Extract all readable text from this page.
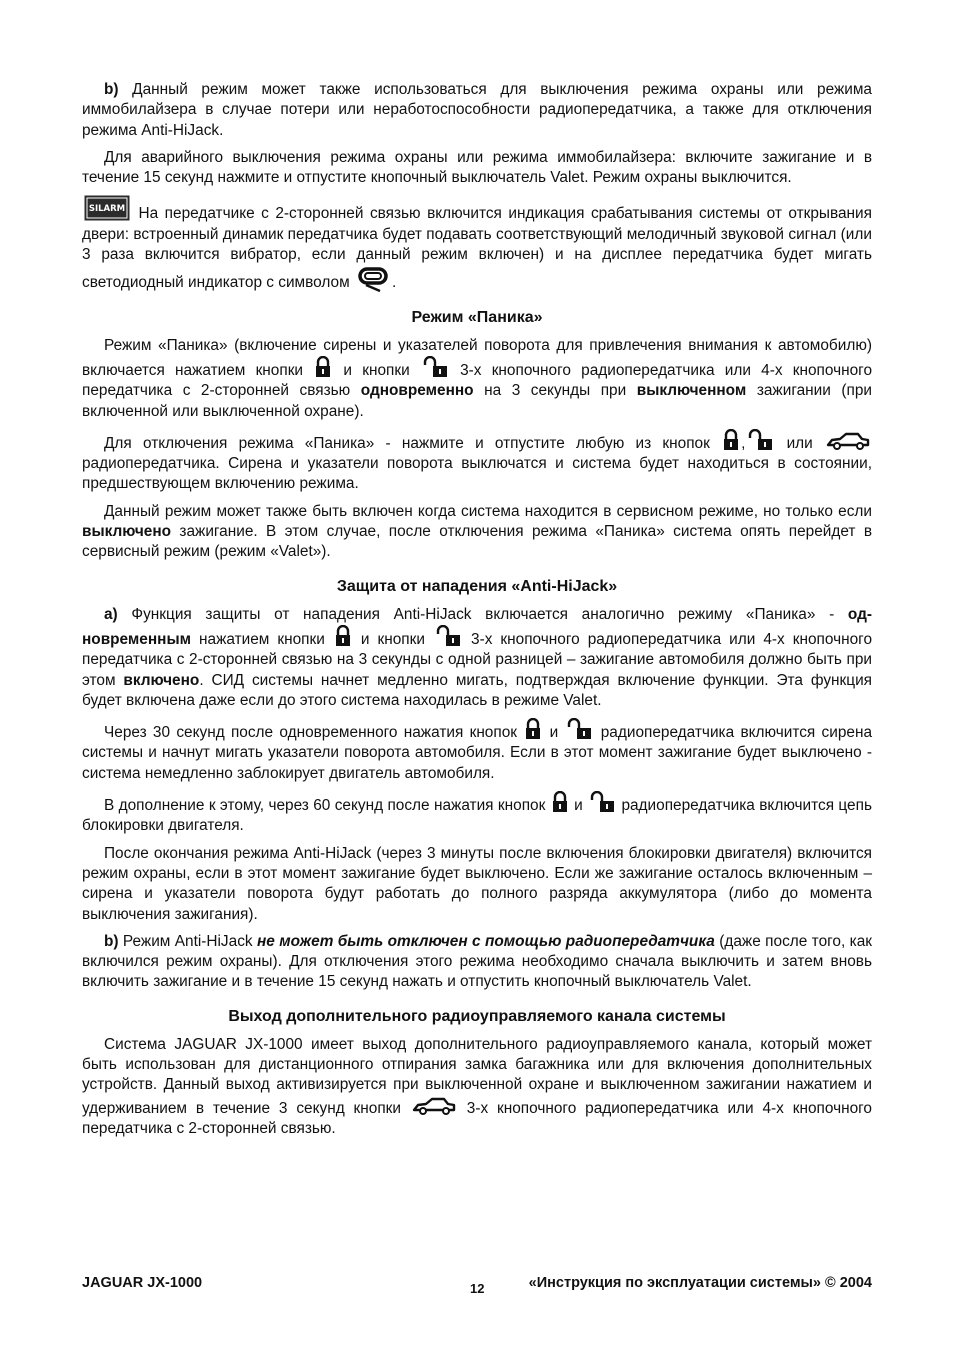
b) Данный режим может также использоваться для выключения режима охраны или режима иммобилайзера в случае потери или неработоспособности радиопередатчика, а также для отключения режима Anti-HiJack.

Для аварийного выключения режима охраны или режима иммобилайзера: включите зажигание и в течение 15 секунд нажмите и отпустите кнопочный выключатель Valet. Режим охраны выключится.

SILARM На передатчике с 2-сторонней связью включится индикация срабатывания системы от открывания двери: встроенный динамик передатчика будет подавать соответствующий мелодичный звуковой сигнал (или 3 раза включится вибратор, если данный режим включен) и на дисплее передатчика будет мигать светодиодный индикатор с символом
.

Режим «Паника»

Режим «Паника» (включение сирены и указателей поворота для привлечения внимания к автомобилю) включается нажатием кнопки
и кнопки
3-х кнопочного радиопередатчика или 4-х кнопочного передатчика с 2-сторонней связью одновременно на 3 секунды при выключенном зажигании (при включенной или выключенной охране).

Для отключения режима «Паника» - нажмите и отпустите любую из кнопок
,
или
радиопередатчика. Сирена и указатели поворота выключатся и система будет находиться в состоянии, предшествующем включению режима.

Данный режим может также быть включен когда система находится в сервисном режиме, но только если выключено зажигание. В этом случае, после отключения режима «Паника» система опять перейдет в сервисный режим (режим «Valet»).

Защита от нападения «Anti-HiJack»

а) Функция защиты от нападения Anti-HiJack включается аналогично режиму «Паника» - одновременным нажатием кнопки
и кнопки
3-х кнопочного радиопередатчика или 4-х кнопочного передатчика с 2-сторонней связью на 3 секунды с одной разницей – зажигание автомобиля должно быть при этом включено. СИД системы начнет медленно мигать, подтверждая включение функции. Эта функция будет включена даже если до этого система находилась в режиме Valet.

Через 30 секунд после одновременного нажатия кнопок
и
радиопередатчика включится сирена системы и начнут мигать указатели поворота автомобиля. Если в этот момент зажигание будет выключено - система немедленно заблокирует двигатель автомобиля.

В дополнение к этому, через 60 секунд после нажатия кнопок
и
радиопередатчика включится цепь блокировки двигателя.

После окончания режима Anti-HiJack (через 3 минуты после включения блокировки двигателя) включится режим охраны, если в этот момент зажигание будет выключено. Если же зажигание осталось включенным – сирена и указатели поворота будут работать до полного разряда аккумулятора (либо до момента выключения зажигания).

b) Режим Anti-HiJack не может быть отключен с помощью радиопередатчика (даже после того, как включился режим охраны). Для отключения этого режима необходимо сначала выключить и затем вновь включить зажигание и в течение 15 секунд нажать и отпустить кнопочный выключатель Valet.

Выход дополнительного радиоуправляемого канала системы

Система JAGUAR JX-1000 имеет выход дополнительного радиоуправляемого канала, который может быть использован для дистанционного отпирания замка багажника или для включения дополнительных устройств. Данный выход активизируется при выключенной охране и выключенном зажигании нажатием и удерживанием в течение 3 секунд кнопки	3-х кнопочного радиопередатчика или 4-х кнопочного передатчика с 2-сторонней связью.

JAGUAR JX-1000	12	«Инструкция по эксплуатации системы» © 2004
